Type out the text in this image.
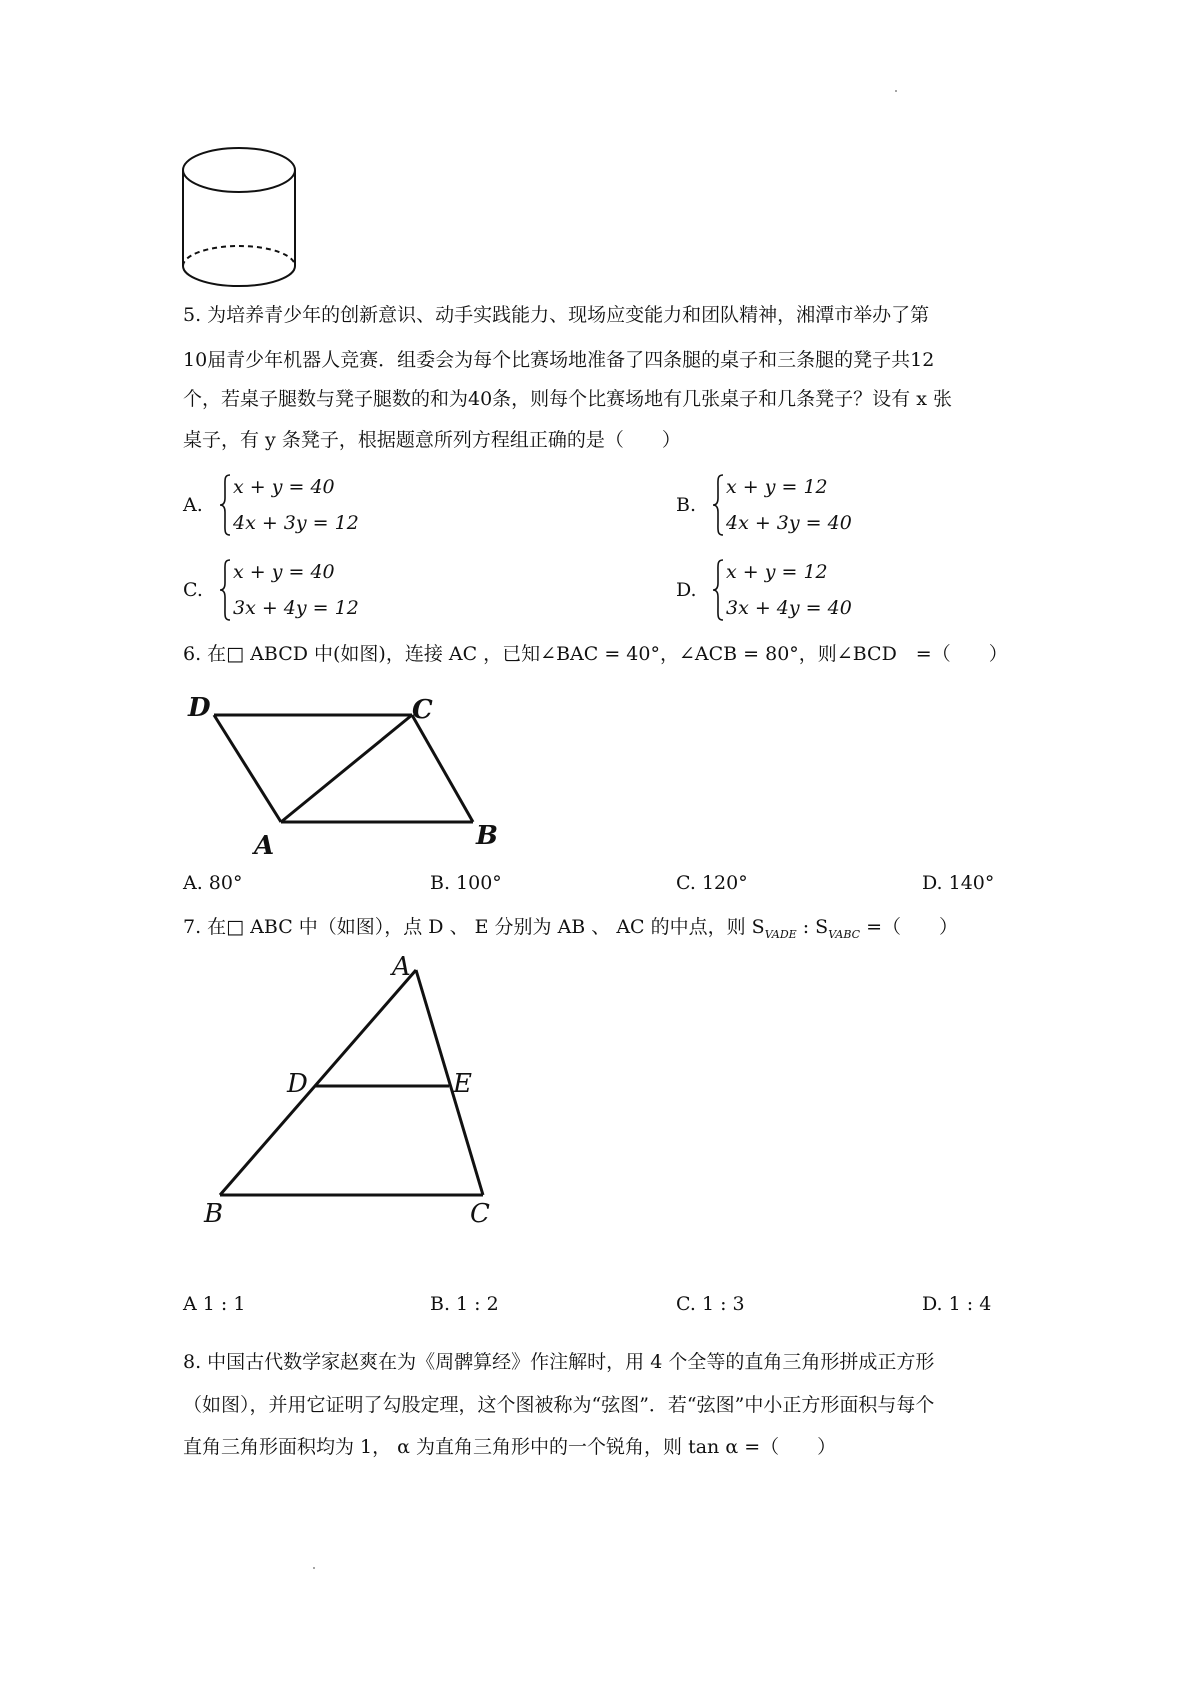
5. 为培养青少年的创新意识、动手实践能力、现场应变能力和团队精神，湘潭市举办了第
10届青少年机器人竞赛．组委会为每个比赛场地准备了四条腿的桌子和三条腿的凳子共12
个，若桌子腿数与凳子腿数的和为40条，则每个比赛场地有几张桌子和几条凳子？设有 x 张
桌子，有 y 条凳子，根据题意所列方程组正确的是（　　）
A.
x + y = 40
4x + 3y = 12
B.
x + y = 12
4x + 3y = 40
C.
x + y = 40
3x + 4y = 12
D.
x + y = 12
3x + 4y = 40
6. 在□ ABCD 中(如图)，连接 AC ，已知∠BAC = 40°，∠ACB = 80°，则∠BCD　=（　　）
D	C
A	B
A. 80°	B. 100°	C. 120°	D. 140°
7. 在□ ABC 中（如图），点 D 、 E 分别为 AB 、 AC 的中点，则 $S_{VADE}$ : $S_{VABC}$ =（　　）
A
D	E
B	C
A 1 : 1	B. 1 : 2	C. 1 : 3	D. 1 : 4
8. 中国古代数学家赵爽在为《周髀算经》作注解时，用 4 个全等的直角三角形拼成正方形
（如图），并用它证明了勾股定理，这个图被称为“弦图”．若“弦图”中小正方形面积与每个
直角三角形面积均为 1， α 为直角三角形中的一个锐角，则 tan α =（　　）
